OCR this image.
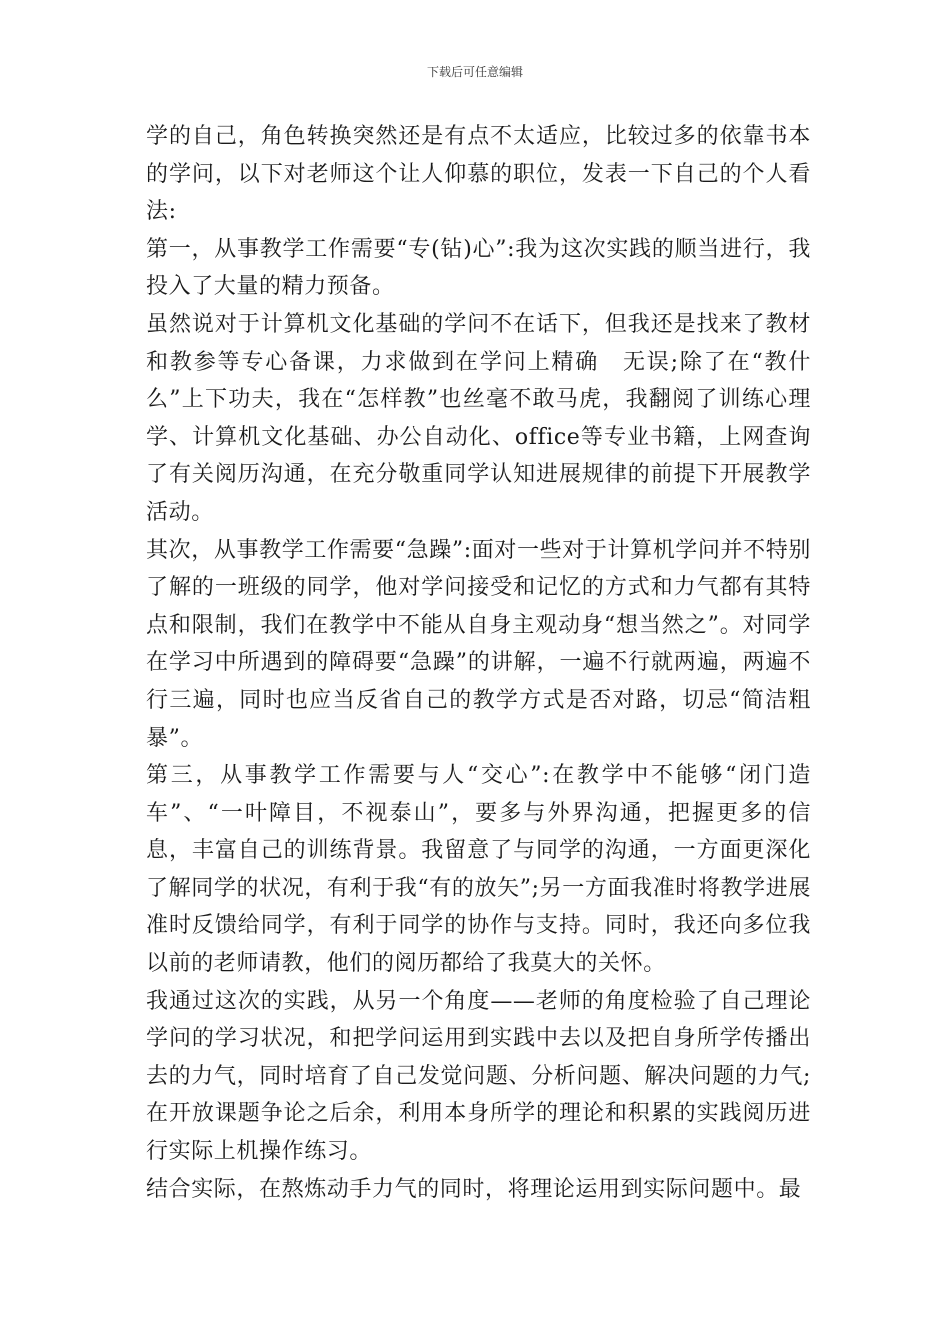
下载后可任意编辑

学的自己，角色转换突然还是有点不太适应，比较过多的依靠书本的学问，以下对老师这个让人仰慕的职位，发表一下自己的个人看法:

第一，从事教学工作需要“专(钻)心”:我为这次实践的顺当进行，我投入了大量的精力预备。

虽然说对于计算机文化基础的学问不在话下，但我还是找来了教材和教参等专心备课，力求做到在学问上精确　无误;除了在“教什么”上下功夫，我在“怎样教”也丝毫不敢马虎，我翻阅了训练心理学、计算机文化基础、办公自动化、office等专业书籍，上网查询了有关阅历沟通，在充分敬重同学认知进展规律的前提下开展教学活动。

其次，从事教学工作需要“急躁”:面对一些对于计算机学问并不特别了解的一班级的同学，他对学问接受和记忆的方式和力气都有其特点和限制，我们在教学中不能从自身主观动身“想当然之”。对同学在学习中所遇到的障碍要“急躁”的讲解，一遍不行就两遍，两遍不行三遍，同时也应当反省自己的教学方式是否对路，切忌“简洁粗暴”。

第三，从事教学工作需要与人“交心”:在教学中不能够“闭门造车”、“一叶障目，不视泰山”，要多与外界沟通，把握更多的信息，丰富自己的训练背景。我留意了与同学的沟通，一方面更深化了解同学的状况，有利于我“有的放矢”;另一方面我准时将教学进展准时反馈给同学，有利于同学的协作与支持。同时，我还向多位我以前的老师请教，他们的阅历都给了我莫大的关怀。

我通过这次的实践，从另一个角度——老师的角度检验了自己理论学问的学习状况，和把学问运用到实践中去以及把自身所学传播出去的力气，同时培育了自己发觉问题、分析问题、解决问题的力气;在开放课题争论之后余，利用本身所学的理论和积累的实践阅历进行实际上机操作练习。

结合实际，在熬炼动手力气的同时，将理论运用到实际问题中。最
